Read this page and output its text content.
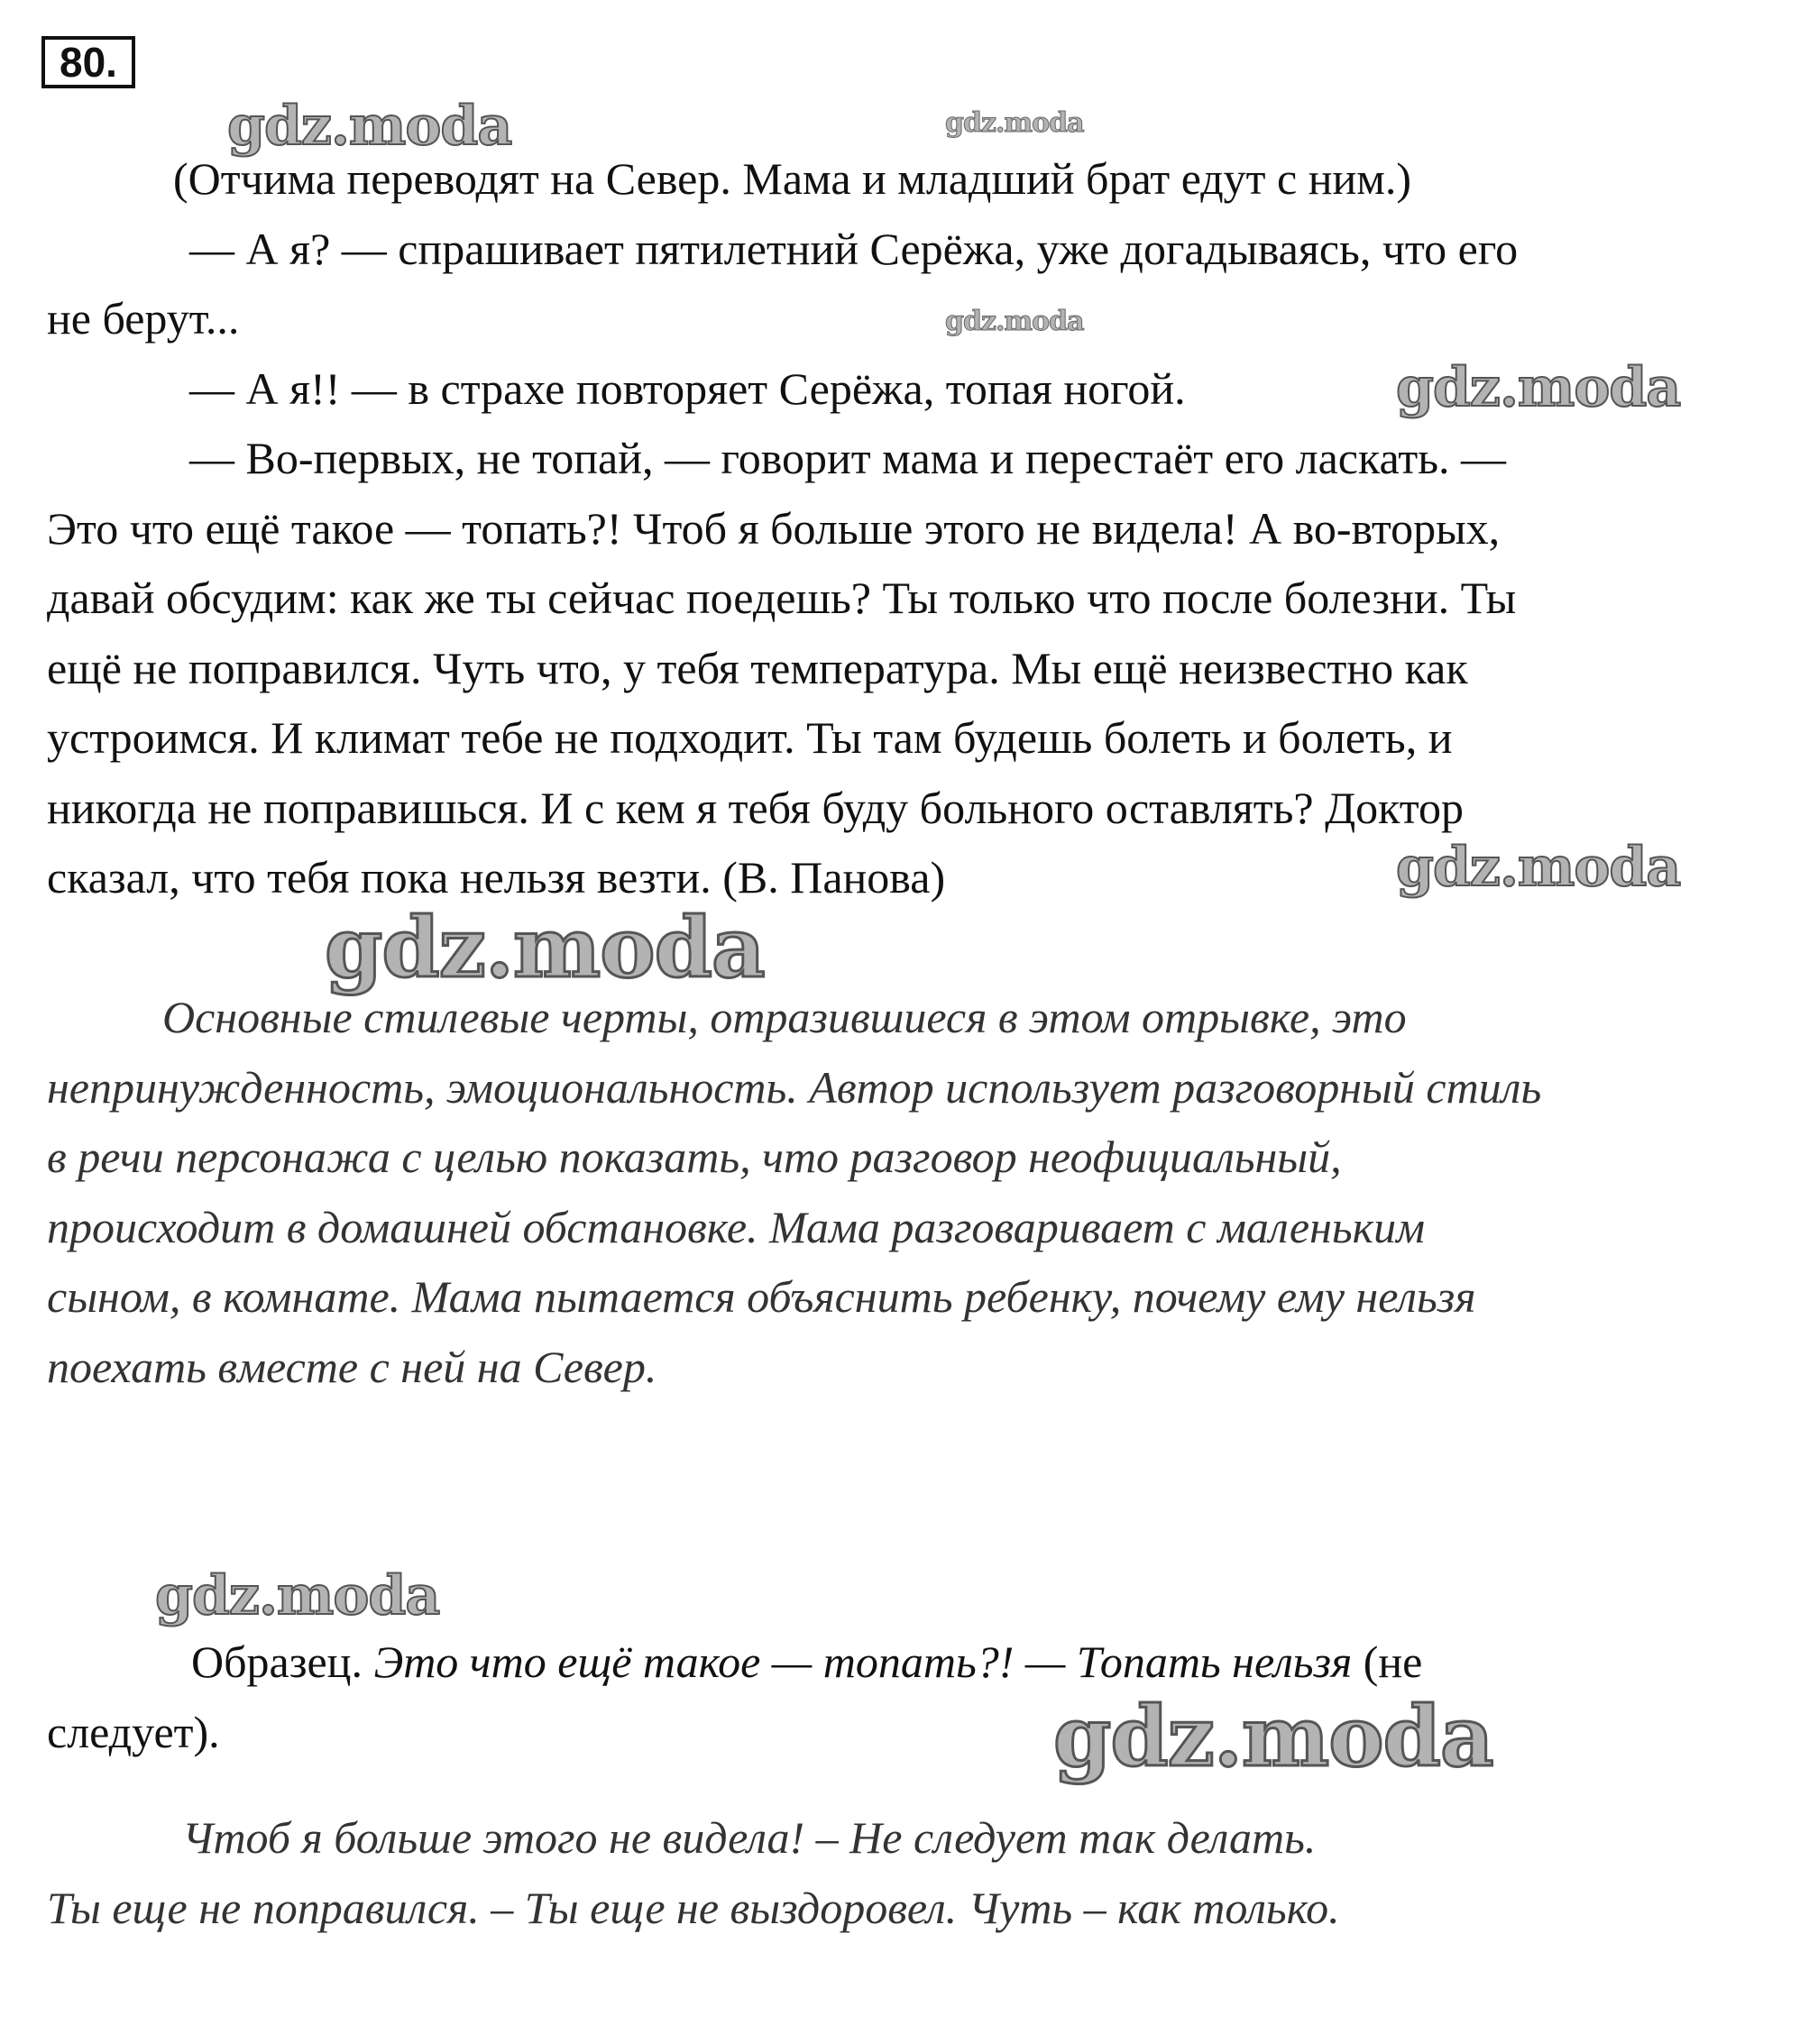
80.
(Отчима переводят на Север. Мама и младший брат едут с ним.)
— А я? — спрашивает пятилетний Серёжа, уже догадываясь, что его
не берут...
— А я!! — в страхе повторяет Серёжа, топая ногой.
— Во-первых, не топай, — говорит мама и перестаёт его ласкать. —
Это что ещё такое — топать?! Чтоб я больше этого не видела! А во-вторых,
давай обсудим: как же ты сейчас поедешь? Ты только что после болезни. Ты
ещё не поправился. Чуть что, у тебя температура. Мы ещё неизвестно как
устроимся. И климат тебе не подходит. Ты там будешь болеть и болеть, и
никогда не поправишься. И с кем я тебя буду больного оставлять? Доктор
сказал, что тебя пока нельзя везти. (В. Панова)
Основные стилевые черты, отразившиеся в этом отрывке, это
непринужденность, эмоциональность. Автор использует разговорный стиль
в речи персонажа с целью показать, что разговор неофициальный,
происходит в домашней обстановке. Мама разговаривает с маленьким
сыном, в комнате. Мама пытается объяснить ребенку, почему ему нельзя
поехать вместе с ней на Север.
Образец. Это что ещё такое — топать?! — Топать нельзя (не
следует).
Чтоб я больше этого не видела! – Не следует так делать.
Ты еще не поправился. – Ты еще не выздоровел. Чуть – как только.
gdz.moda	gdz.moda
gdz.moda
gdz.moda
gdz.moda
gdz.moda
gdz.moda
gdz.moda
